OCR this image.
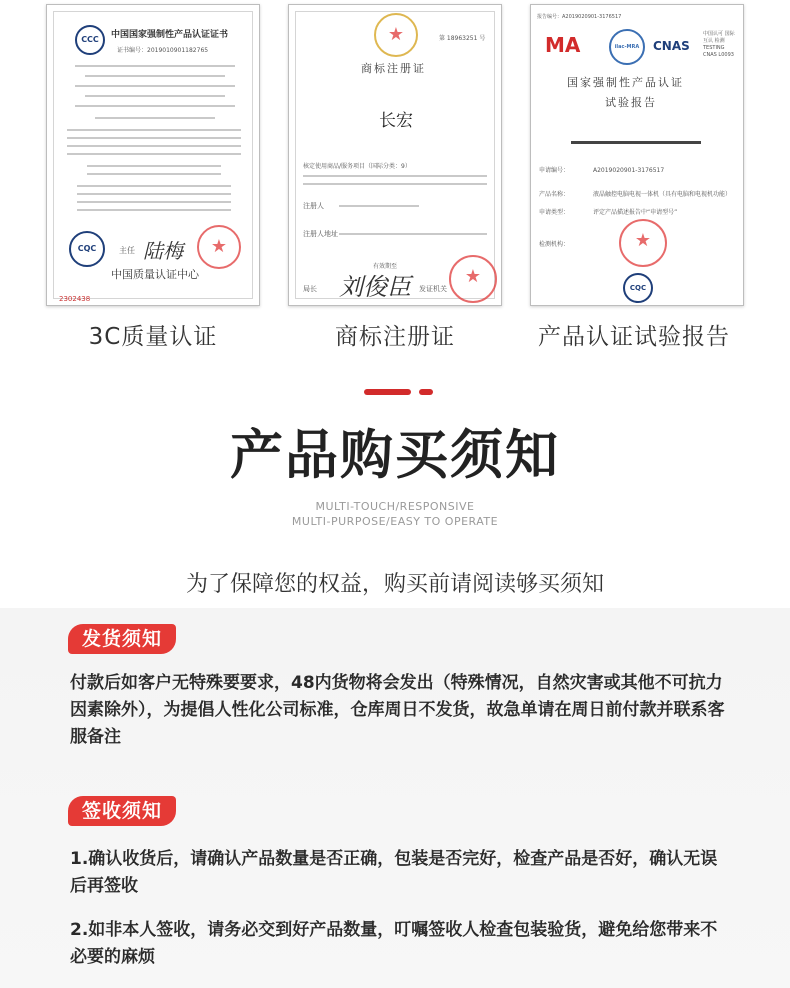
CCC	中国国家强制性产品认证证书
证书编号：2019010901182765
CQC	主任 陆梅
★
中国质量认证中心
2302438
★
第 18963251 号
商标注册证
长宏
核定使用商品/服务项目（国际分类：9）
注册人
注册人地址
有效期至
局长 刘俊臣 发证机关
★
报告编号：A2019020901-3176517
MA	ilac-MRA	CNAS
中国认可 国际互认 检测 TESTING CNAS L0093
国家强制性产品认证
试验报告
申请编号：	A2019020901-3176517
产品名称：	液晶触控电脑电视一体机（具有电脑和电视机功能）
申请类型：	评定产品描述报告中“申请型号”
检测机构：
★
CQC
3C质量认证	商标注册证	产品认证试验报告
产品购买须知
MULTI-TOUCH/RESPONSIVE
MULTI-PURPOSE/EASY TO OPERATE
为了保障您的权益，购买前请阅读够买须知
发货须知
付款后如客户无特殊要要求，48内货物将会发出（特殊情况，自然灾害或其他不可抗力因素除外），为提倡人性化公司标准，仓库周日不发货，故急单请在周日前付款并联系客服备注
签收须知
1.确认收货后，请确认产品数量是否正确，包装是否完好，检查产品是否好，确认无误后再签收
2.如非本人签收，请务必交到好产品数量，叮嘱签收人检查包装验货，避免给您带来不必要的麻烦
